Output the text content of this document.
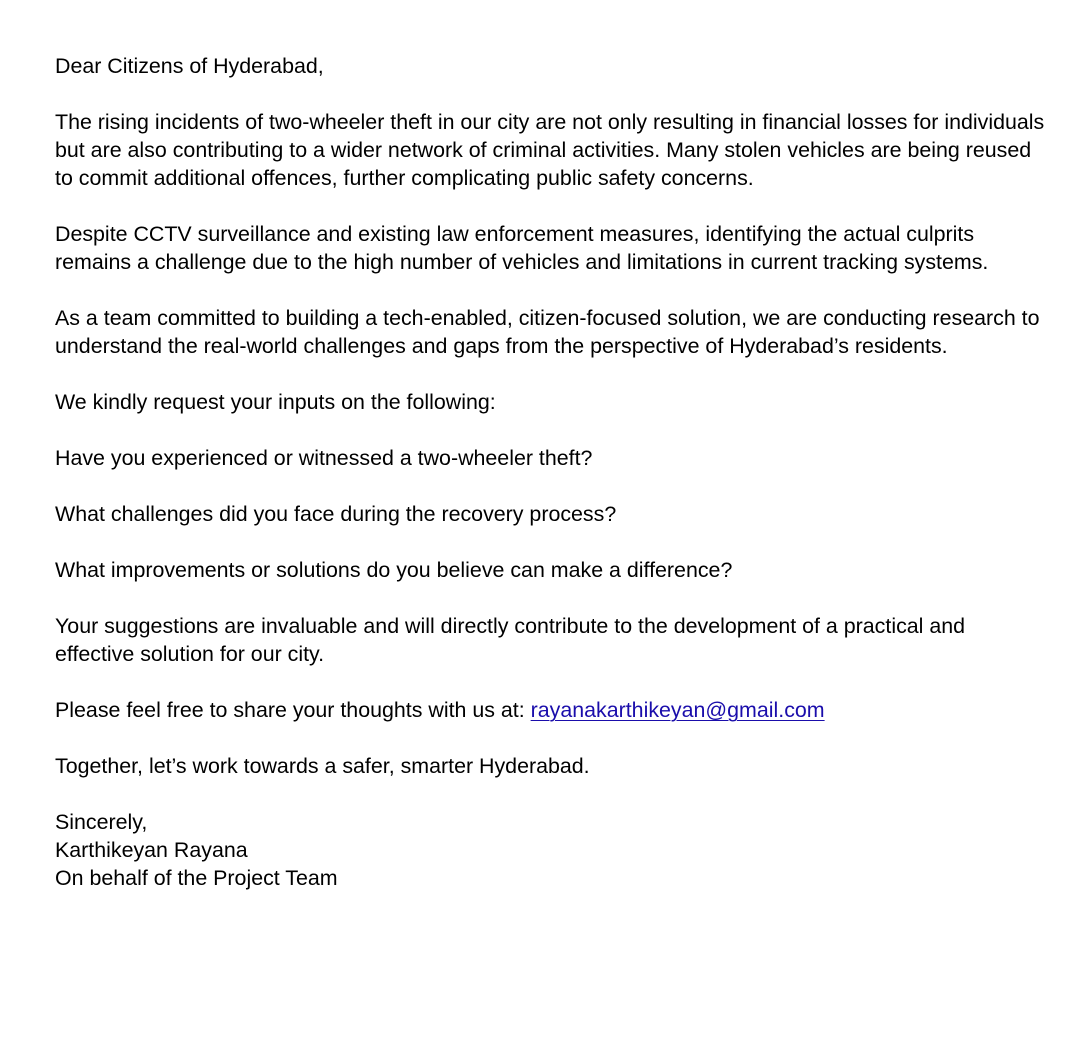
Dear Citizens of Hyderabad,

The rising incidents of two-wheeler theft in our city are not only resulting in financial losses for individuals but are also contributing to a wider network of criminal activities. Many stolen vehicles are being reused to commit additional offences, further complicating public safety concerns.

Despite CCTV surveillance and existing law enforcement measures, identifying the actual culprits remains a challenge due to the high number of vehicles and limitations in current tracking systems.

As a team committed to building a tech-enabled, citizen-focused solution, we are conducting research to understand the real-world challenges and gaps from the perspective of Hyderabad’s residents.

We kindly request your inputs on the following:

Have you experienced or witnessed a two-wheeler theft?

What challenges did you face during the recovery process?

What improvements or solutions do you believe can make a difference?

Your suggestions are invaluable and will directly contribute to the development of a practical and effective solution for our city.

Please feel free to share your thoughts with us at: rayanakarthikeyan@gmail.com

Together, let’s work towards a safer, smarter Hyderabad.

Sincerely,
Karthikeyan Rayana
On behalf of the Project Team
